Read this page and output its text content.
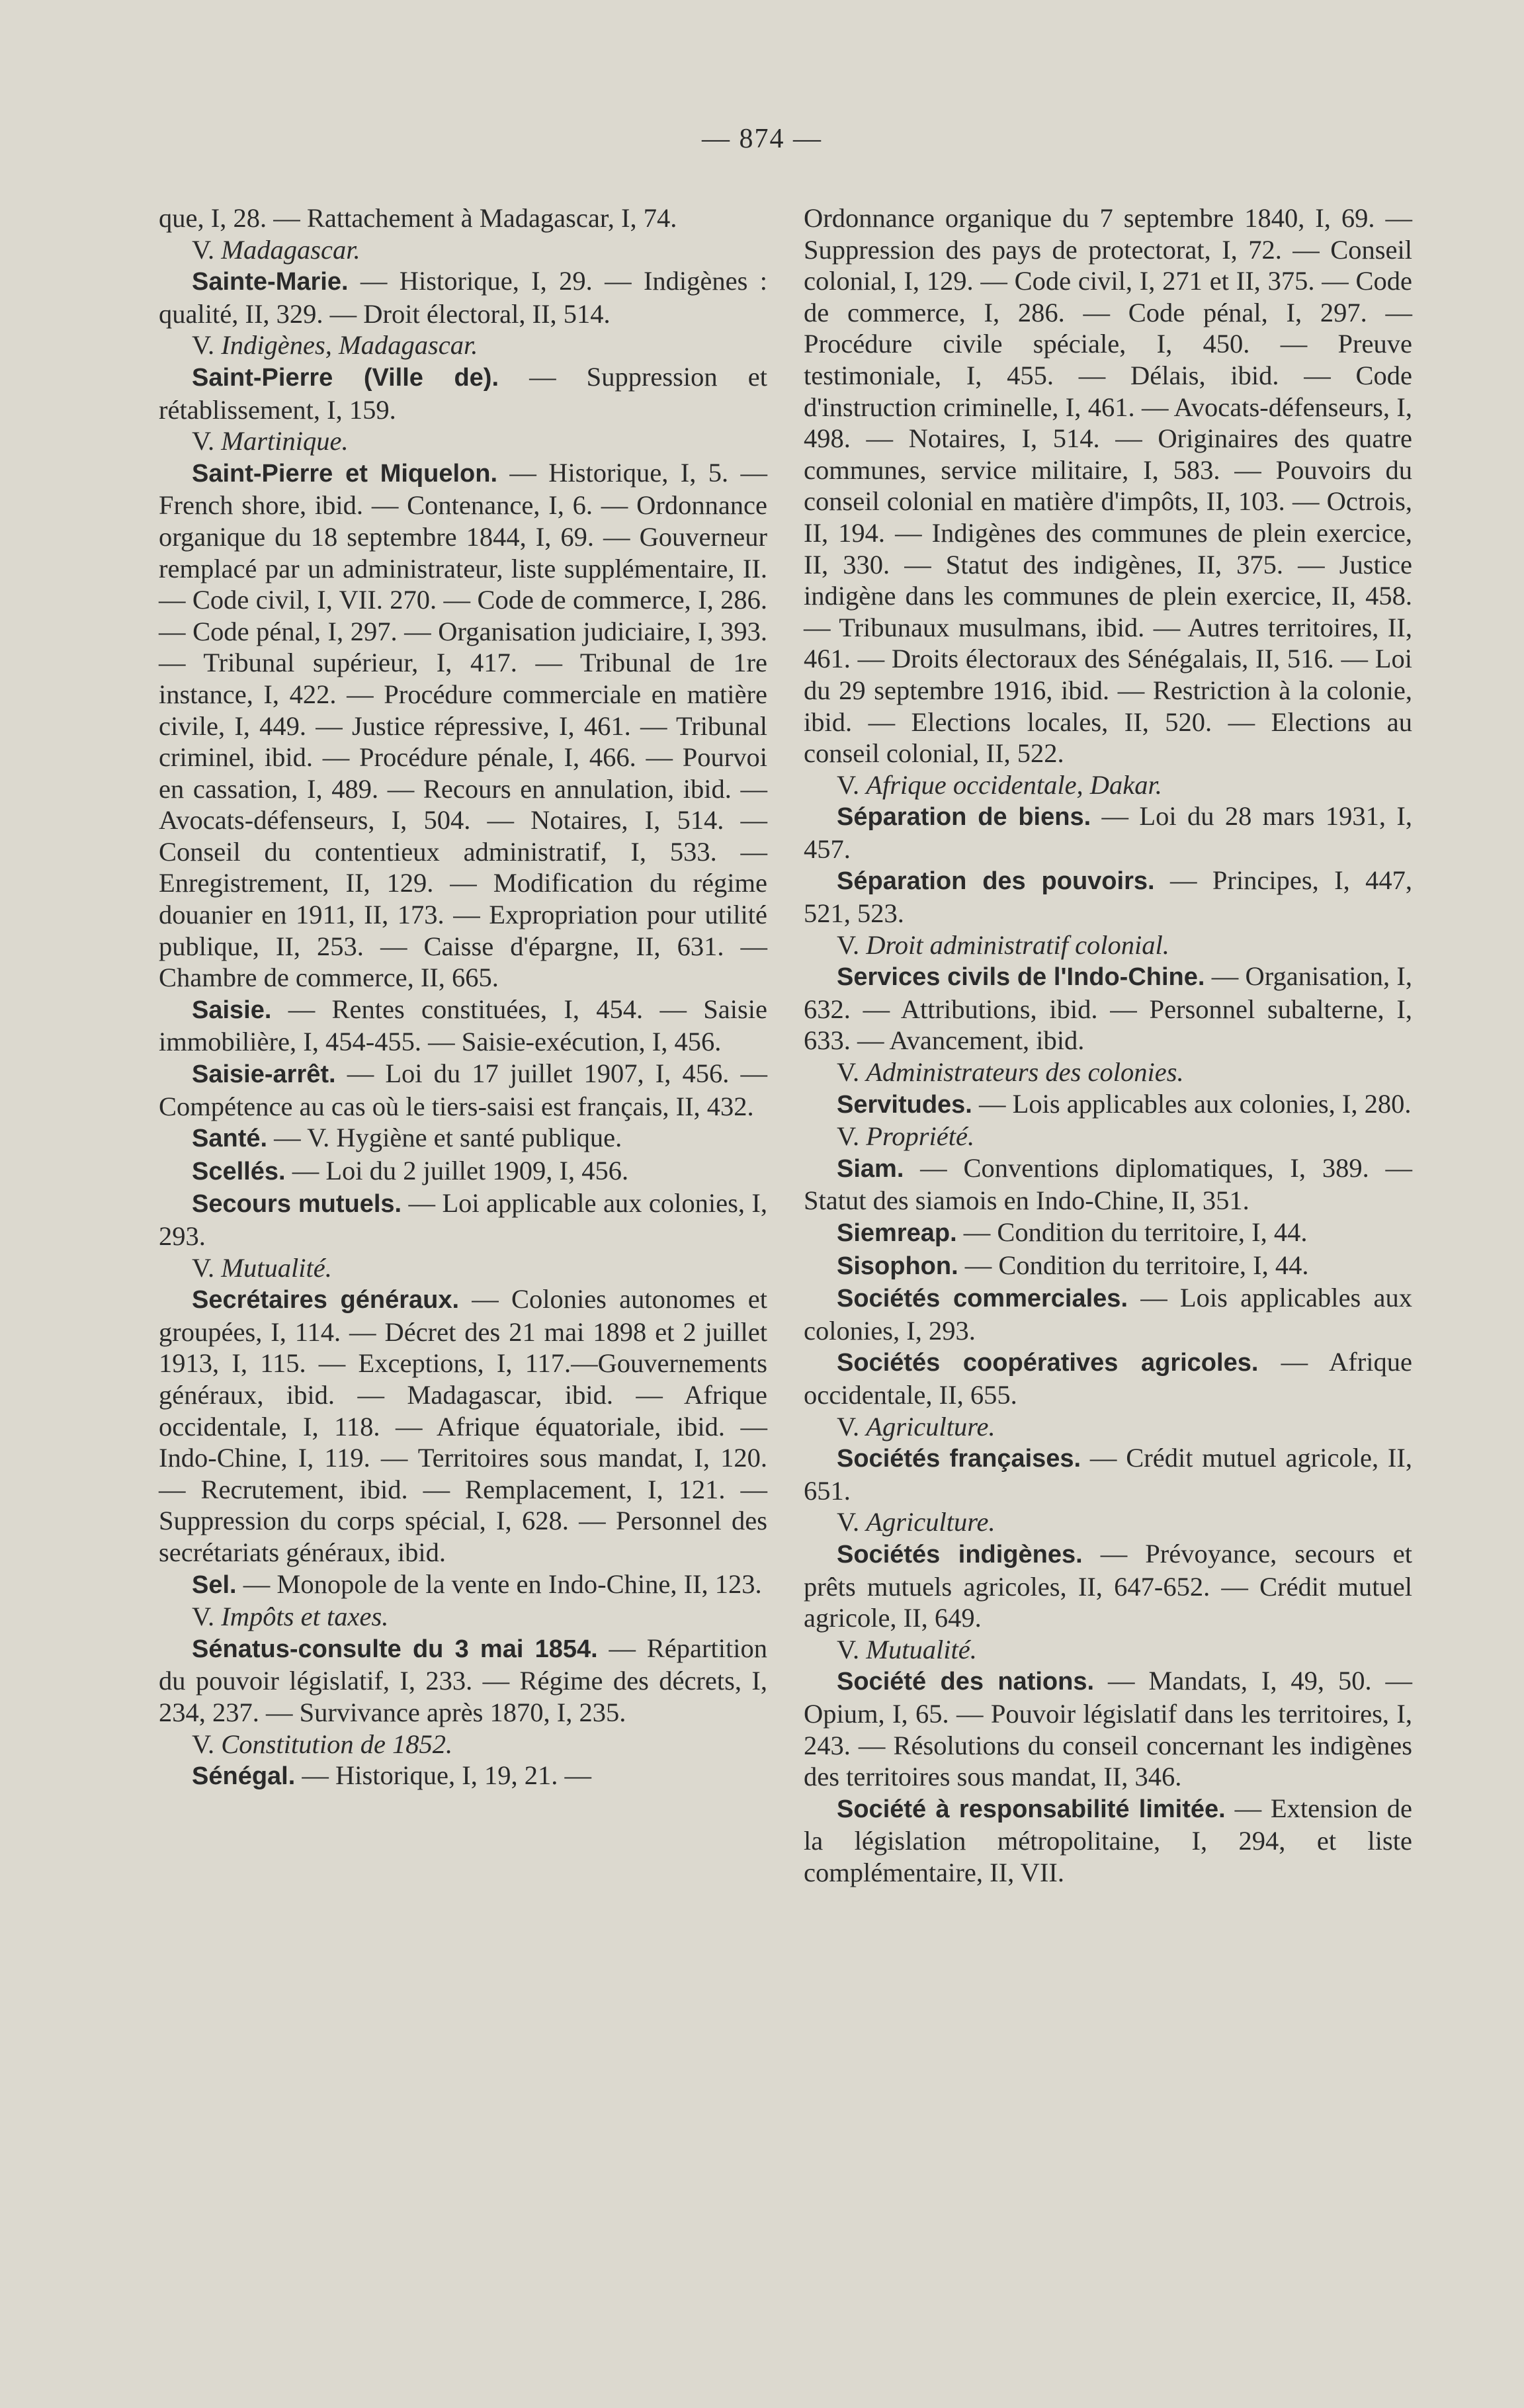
— 874 —

que, I, 28. — Rattachement à Madagascar, I, 74.

V. Madagascar.

Sainte-Marie. — Historique, I, 29. — Indigènes : qualité, II, 329. — Droit électoral, II, 514.

V. Indigènes, Madagascar.

Saint-Pierre (Ville de). — Suppression et rétablissement, I, 159.

V. Martinique.

Saint-Pierre et Miquelon. — Historique, I, 5. — French shore, ibid. — Contenance, I, 6. — Ordonnance organique du 18 septembre 1844, I, 69. — Gouverneur remplacé par un administrateur, liste supplémentaire, II. — Code civil, I, VII. 270. — Code de commerce, I, 286. — Code pénal, I, 297. — Organisation judiciaire, I, 393. — Tribunal supérieur, I, 417. — Tribunal de 1re instance, I, 422. — Procédure commerciale en matière civile, I, 449. — Justice répressive, I, 461. — Tribunal criminel, ibid. — Procédure pénale, I, 466. — Pourvoi en cassation, I, 489. — Recours en annulation, ibid. — Avocats-défenseurs, I, 504. — Notaires, I, 514. — Conseil du contentieux administratif, I, 533. — Enregistrement, II, 129. — Modification du régime douanier en 1911, II, 173. — Expropriation pour utilité publique, II, 253. — Caisse d'épargne, II, 631. — Chambre de commerce, II, 665.

Saisie. — Rentes constituées, I, 454. — Saisie immobilière, I, 454-455. — Saisie-exécution, I, 456.

Saisie-arrêt. — Loi du 17 juillet 1907, I, 456. — Compétence au cas où le tiers-saisi est français, II, 432.

Santé. — V. Hygiène et santé publique.

Scellés. — Loi du 2 juillet 1909, I, 456.

Secours mutuels. — Loi applicable aux colonies, I, 293.

V. Mutualité.

Secrétaires généraux. — Colonies autonomes et groupées, I, 114. — Décret des 21 mai 1898 et 2 juillet 1913, I, 115. — Exceptions, I, 117.—Gouvernements généraux, ibid. — Madagascar, ibid. — Afrique occidentale, I, 118. — Afrique équatoriale, ibid. — Indo-Chine, I, 119. — Territoires sous mandat, I, 120. — Recrutement, ibid. — Remplacement, I, 121. — Suppression du corps spécial, I, 628. — Personnel des secrétariats généraux, ibid.

Sel. — Monopole de la vente en Indo-Chine, II, 123.

V. Impôts et taxes.

Sénatus-consulte du 3 mai 1854. — Répartition du pouvoir législatif, I, 233. — Régime des décrets, I, 234, 237. — Survivance après 1870, I, 235.

V. Constitution de 1852.

Sénégal. — Historique, I, 19, 21. —

Ordonnance organique du 7 septembre 1840, I, 69. — Suppression des pays de protectorat, I, 72. — Conseil colonial, I, 129. — Code civil, I, 271 et II, 375. — Code de commerce, I, 286. — Code pénal, I, 297. — Procédure civile spéciale, I, 450. — Preuve testimoniale, I, 455. — Délais, ibid. — Code d'instruction criminelle, I, 461. — Avocats-défenseurs, I, 498. — Notaires, I, 514. — Originaires des quatre communes, service militaire, I, 583. — Pouvoirs du conseil colonial en matière d'impôts, II, 103. — Octrois, II, 194. — Indigènes des communes de plein exercice, II, 330. — Statut des indigènes, II, 375. — Justice indigène dans les communes de plein exercice, II, 458. — Tribunaux musulmans, ibid. — Autres territoires, II, 461. — Droits électoraux des Sénégalais, II, 516. — Loi du 29 septembre 1916, ibid. — Restriction à la colonie, ibid. — Elections locales, II, 520. — Elections au conseil colonial, II, 522.

V. Afrique occidentale, Dakar.

Séparation de biens. — Loi du 28 mars 1931, I, 457.

Séparation des pouvoirs. — Principes, I, 447, 521, 523.

V. Droit administratif colonial.

Services civils de l'Indo-Chine. — Organisation, I, 632. — Attributions, ibid. — Personnel subalterne, I, 633. — Avancement, ibid.

V. Administrateurs des colonies.

Servitudes. — Lois applicables aux colonies, I, 280.

V. Propriété.

Siam. — Conventions diplomatiques, I, 389. — Statut des siamois en Indo-Chine, II, 351.

Siemreap. — Condition du territoire, I, 44.

Sisophon. — Condition du territoire, I, 44.

Sociétés commerciales. — Lois applicables aux colonies, I, 293.

Sociétés coopératives agricoles. — Afrique occidentale, II, 655.

V. Agriculture.

Sociétés françaises. — Crédit mutuel agricole, II, 651.

V. Agriculture.

Sociétés indigènes. — Prévoyance, secours et prêts mutuels agricoles, II, 647-652. — Crédit mutuel agricole, II, 649.

V. Mutualité.

Société des nations. — Mandats, I, 49, 50. — Opium, I, 65. — Pouvoir législatif dans les territoires, I, 243. — Résolutions du conseil concernant les indigènes des territoires sous mandat, II, 346.

Société à responsabilité limitée. — Extension de la législation métropolitaine, I, 294, et liste complémentaire, II, VII.
